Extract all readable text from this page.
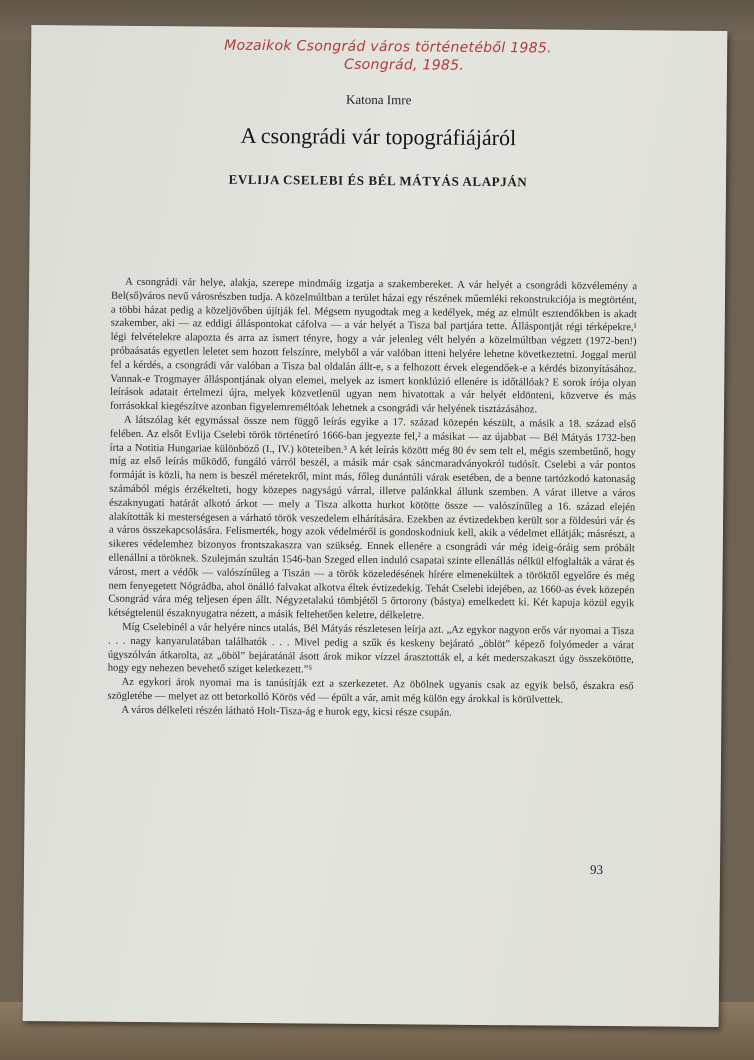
Mozaikok Csongrád város történetéből 1985.
Csongrád, 1985.
Katona Imre
A csongrádi vár topográfiájáról
EVLIJA CSELEBI ÉS BÉL MÁTYÁS ALAPJÁN

A csongrádi vár helye, alakja, szerepe mindmáig izgatja a szakembereket. A vár helyét a csongrádi közvélemény a Bel(ső)város nevű városrészben tudja. A közelmúltban a terület házai egy részének műemléki rekonstrukciója is megtörtént, a többi házat pedig a közeljövőben újítják fel. Mégsem nyugodtak meg a kedélyek, még az elmúlt esztendőkben is akadt szakember, aki — az eddigi álláspontokat cáfolva — a vár helyét a Tisza bal partjára tette. Álláspontját régi térképekre,¹ légi felvételekre alapozta és arra az ismert tényre, hogy a vár jelenleg vélt helyén a közelmúltban végzett (1972-ben!) próbaásatás egyetlen leletet sem hozott felszínre, melyből a vár valóban itteni helyére lehetne következtetni. Joggal merül fel a kérdés, a csongrádi vár valóban a Tisza bal oldalán állt-e, s a felhozott érvek elegendőek-e a kérdés bizonyításához. Vannak-e Trogmayer álláspontjának olyan elemei, melyek az ismert konklúzió ellenére is időtállóak? E sorok írója olyan leírások adatait értelmezi újra, melyek közvetlenül ugyan nem hivatottak a vár helyét eldönteni, közvetve és más forrásokkal kiegészítve azonban figyelemreméltóak lehetnek a csongrádi vár helyének tisztázásához.

A látszólag két egymással össze nem függő leírás egyike a 17. század közepén készült, a másik a 18. század első felében. Az elsőt Evlija Cselebi török történetíró 1666-ban jegyezte fel,² a másikat — az újabbat — Bél Mátyás 1732-ben írta a Notitia Hungariae különböző (I., IV.) köteteiben.³ A két leírás között még 80 év sem telt el, mégis szembetűnő, hogy míg az első leírás működő, fungáló várról beszél, a másik már csak sáncmaradványokról tudósít. Cselebi a vár pontos formáját is közli, ha nem is beszél méretekről, mint más, főleg dunántúli várak esetében, de a benne tartózkodó katonaság számából mégis érzékelteti, hogy közepes nagyságú várral, illetve palánkkal állunk szemben. A várat illetve a város északnyugati határát alkotó árkot — mely a Tisza alkotta hurkot kötötte össze — valószínűleg a 16. század elején alakították ki mesterségesen a várható török veszedelem elhárítására. Ezekben az évtizedekben került sor a földesúri vár és a város összekapcsolására. Felismerték, hogy azok védelméről is gondoskodniuk kell, akik a védelmet ellátják; másrészt, a sikeres védelemhez bizonyos frontszakaszra van szükség. Ennek ellenére a csongrádi vár még ideig-óráig sem próbált ellenállni a töröknek. Szulejmán szultán 1546-ban Szeged ellen induló csapatai szinte ellenállás nélkül elfoglalták a várat és várost, mert a védők — valószínűleg a Tiszán — a török közeledésének hírére elmenekültek a töröktől egyelőre és még nem fenyegetett Nógrádba, ahol önálló falvakat alkotva éltek évtizedekig. Tehát Cselebi idejében, az 1660-as évek közepén Csongrád vára még teljesen épen állt. Négyzetalakú tömbjétől 5 őrtorony (bástya) emelkedett ki. Két kapuja közül egyik kétségtelenül északnyugatra nézett, a másik feltehetően keletre, délkeletre.

Míg Cselebinél a vár helyére nincs utalás, Bél Mátyás részletesen leírja azt. „Az egykor nagyon erős vár nyomai a Tisza . . . nagy kanyarulatában találhatók . . . Mivel pedig a szűk és keskeny bejárató „öblöt” képező folyómeder a várat úgyszólván átkarolta, az „öböl” bejáratánál ásott árok mikor vízzel árasztották el, a két mederszakaszt úgy összekötötte, hogy egy nehezen bevehető sziget keletkezett.”⁵

Az egykori árok nyomai ma is tanúsítják ezt a szerkezetet. Az öbölnek ugyanis csak az egyik belső, északra eső szögletébe — melyet az ott betorkolló Körös véd — épült a vár, amit még külön egy árokkal is körülvettek.

A város délkeleti részén látható Holt-Tisza-ág e hurok egy, kicsi része csupán.

93
